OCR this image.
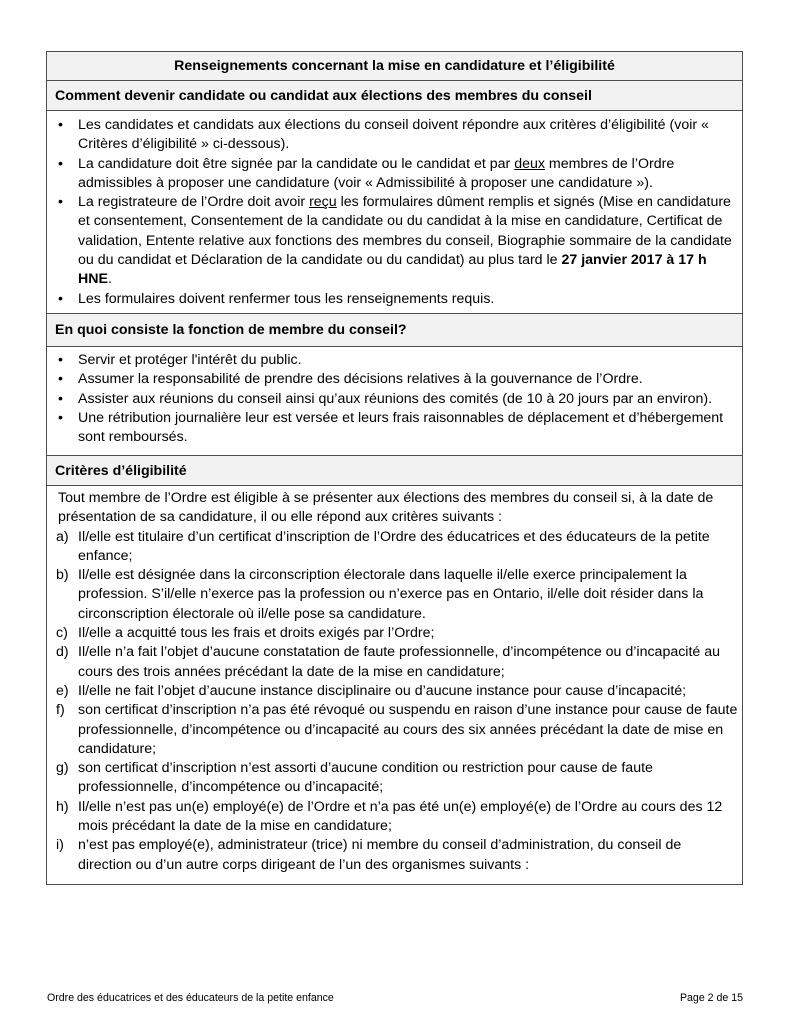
Renseignements concernant la mise en candidature et l’éligibilité
Comment devenir candidate ou candidat aux élections des membres du conseil
• Les candidates et candidats aux élections du conseil doivent répondre aux critères d’éligibilité (voir « Critères d’éligibilité » ci-dessous).
• La candidature doit être signée par la candidate ou le candidat et par deux membres de l’Ordre admissibles à proposer une candidature (voir « Admissibilité à proposer une candidature »).
• La registrateure de l’Ordre doit avoir reçu les formulaires dûment remplis et signés (Mise en candidature et consentement, Consentement de la candidate ou du candidat à la mise en candidature, Certificat de validation, Entente relative aux fonctions des membres du conseil, Biographie sommaire de la candidate ou du candidat et Déclaration de la candidate ou du candidat) au plus tard le 27 janvier 2017 à 17 h HNE.
• Les formulaires doivent renfermer tous les renseignements requis.
En quoi consiste la fonction de membre du conseil?
• Servir et protéger l'intérêt du public.
• Assumer la responsabilité de prendre des décisions relatives à la gouvernance de l’Ordre.
• Assister aux réunions du conseil ainsi qu’aux réunions des comités (de 10 à 20 jours par an environ).
• Une rétribution journalière leur est versée et leurs frais raisonnables de déplacement et d’hébergement sont remboursés.
Critères d’éligibilité
Tout membre de l’Ordre est éligible à se présenter aux élections des membres du conseil si, à la date de présentation de sa candidature, il ou elle répond aux critères suivants :
a) Il/elle est titulaire d’un certificat d’inscription de l’Ordre des éducatrices et des éducateurs de la petite enfance;
b) Il/elle est désignée dans la circonscription électorale dans laquelle il/elle exerce principalement la profession. S’il/elle n’exerce pas la profession ou n’exerce pas en Ontario, il/elle doit résider dans la circonscription électorale où il/elle pose sa candidature.
c) Il/elle a acquitté tous les frais et droits exigés par l’Ordre;
d) Il/elle n’a fait l’objet d’aucune constatation de faute professionnelle, d’incompétence ou d’incapacité au cours des trois années précédant la date de la mise en candidature;
e) Il/elle ne fait l’objet d’aucune instance disciplinaire ou d’aucune instance pour cause d’incapacité;
f) son certificat d’inscription n’a pas été révoqué ou suspendu en raison d’une instance pour cause de faute professionnelle, d’incompétence ou d’incapacité au cours des six années précédant la date de mise en candidature;
g) son certificat d’inscription n’est assorti d’aucune condition ou restriction pour cause de faute professionnelle, d’incompétence ou d’incapacité;
h) Il/elle n’est pas un(e) employé(e) de l’Ordre et n’a pas été un(e) employé(e) de l’Ordre au cours des 12 mois précédant la date de la mise en candidature;
i) n’est pas employé(e), administrateur (trice) ni membre du conseil d’administration, du conseil de direction ou d’un autre corps dirigeant de l’un des organismes suivants :
Ordre des éducatrices et des éducateurs de la petite enfance	Page 2 de 15
